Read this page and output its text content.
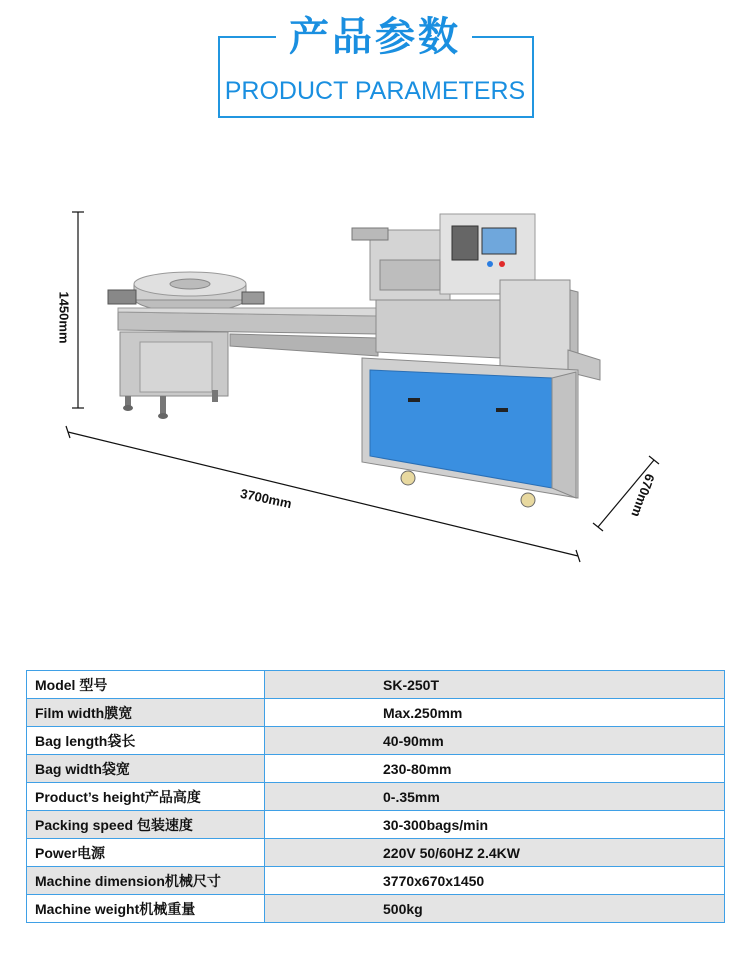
产品参数
PRODUCT PARAMETERS
1450mm
3700mm	670mm
Model 型号	SK-250T
Film width膜宽	Max.250mm
Bag length袋长	40-90mm
Bag width袋宽	230-80mm
Product’s height产品高度	0-.35mm
Packing speed 包装速度	30-300bags/min
Power电源	220V 50/60HZ 2.4KW
Machine dimension机械尺寸	3770x670x1450
Machine weight机械重量	500kg
